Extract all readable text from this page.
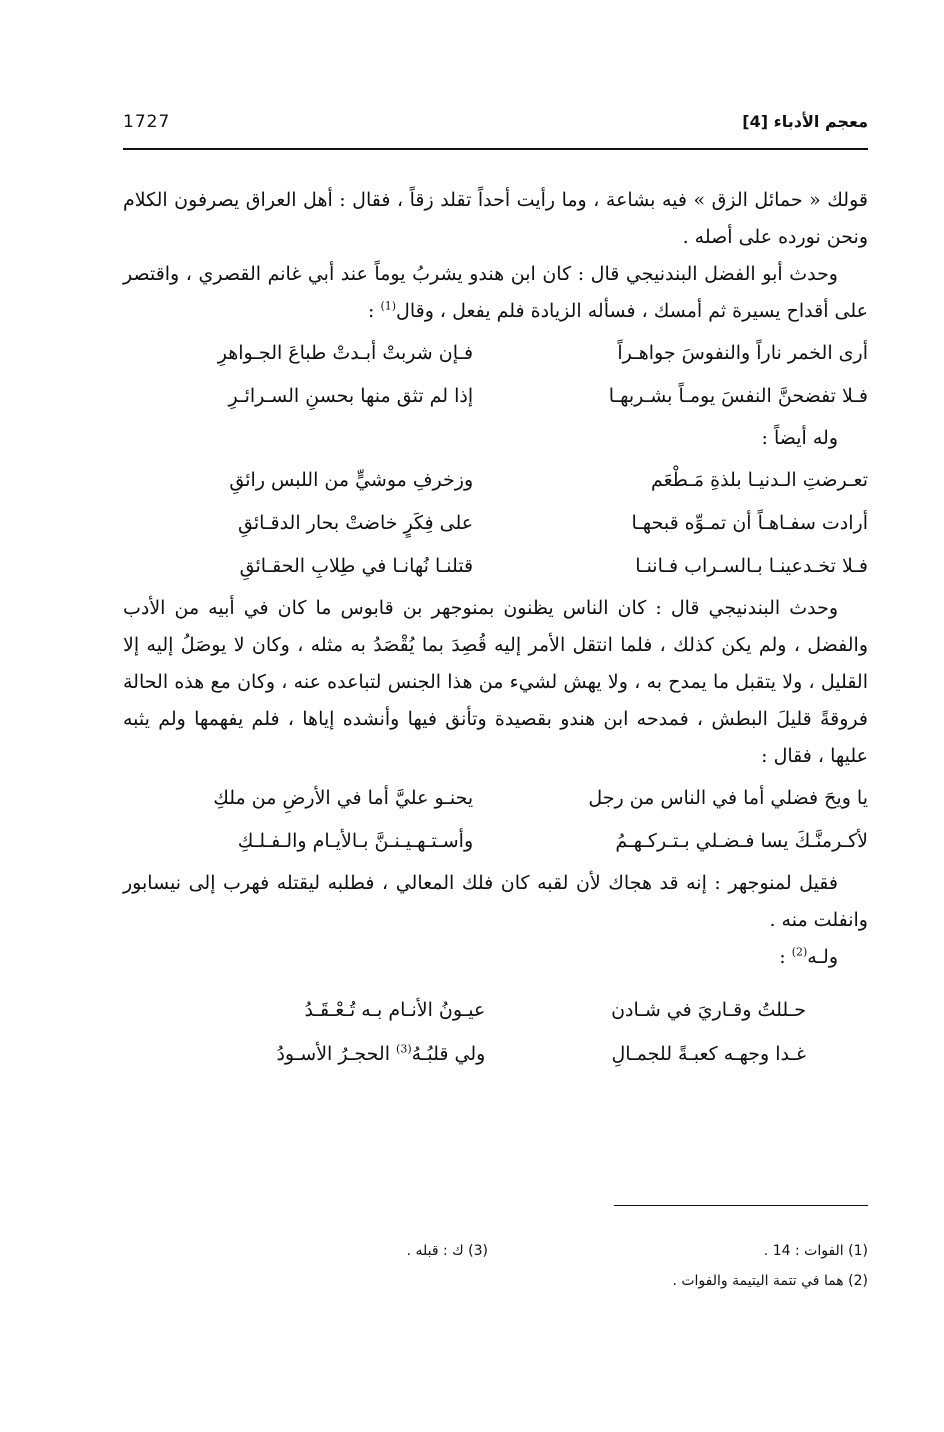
1727	معجم الأدباء [4]

قولك « حمائل الزق » فيه بشاعة ، وما رأيت أحداً تقلد زقاً ، فقال : أهل العراق يصرفون الكلام ونحن نورده على أصله .

وحدث أبو الفضل البندنيجي قال : كان ابن هندو يشربُ يوماً عند أبي غانم القصري ، واقتصر على أقداح يسيرة ثم أمسك ، فسأله الزيادة فلم يفعل ، وقال$^{(1)}$ :

أرى الخمر ناراً والنفوسَ جواهـراً
فـإن شربتْ أبـدتْ طباعَ الجـواهرِ
فـلا تفضحنَّ النفسَ يومـاً بشـربهـا
إذا لم تثق منها بحسنِ السـرائـرِ

وله أيضاً :

تعـرضتِ الـدنيـا بلذةِ مَـطْعَم
وزخرفِ موشيٍّ من اللبس رائقِ
أرادت سفـاهـاً أن تمـوِّه قبحهـا
على فِكَرٍ خاضتْ بحار الدقـائقِ
فـلا تخـدعينـا بـالسـراب فـاننـا
قتلنـا نُهانـا في طِلابِ الحقـائقِ

وحدث البندنيجي قال : كان الناس يظنون بمنوجهر بن قابوس ما كان في أبيه من الأدب والفضل ، ولم يكن كذلك ، فلما انتقل الأمر إليه قُصِدَ بما يُقْصَدُ به مثله ، وكان لا يوصَلُ إليه إلا القليل ، ولا يتقبل ما يمدح به ، ولا يهش لشيء من هذا الجنس لتباعده عنه ، وكان مع هذه الحالة فروقةً قليلَ البطش ، فمدحه ابن هندو بقصيدة وتأنق فيها وأنشده إياها ، فلم يفهمها ولم يثبه عليها ، فقال :

يا ويحَ فضلي أما في الناس من رجل
يحنـو عليَّ أما في الأرضِ من ملكِ
لأكـرمنَّـكَ يسا فـضـلي بـتـركـهـمُ
وأسـتـهـيـنـنَّ بـالأيـام والـفـلـكِ

فقيل لمنوجهر : إنه قد هجاك لأن لقبه كان فلك المعالي ، فطلبه ليقتله فهرب إلى نيسابور وانفلت منه .

ولـه$^{(2)}$ :

حـللتُ وقـاريَ في شـادن
عيـونُ الأنـام بـه تُـعْـقَـدُ
غـدا وجهـه كعبـةً للجمـالِ
ولي قلبُـهُ$^{(3)}$ الحجـرُ الأسـودُ
(1) الفوات : 14 .
(3) ك : قبله .
(2) هما في تتمة اليتيمة والفوات .
